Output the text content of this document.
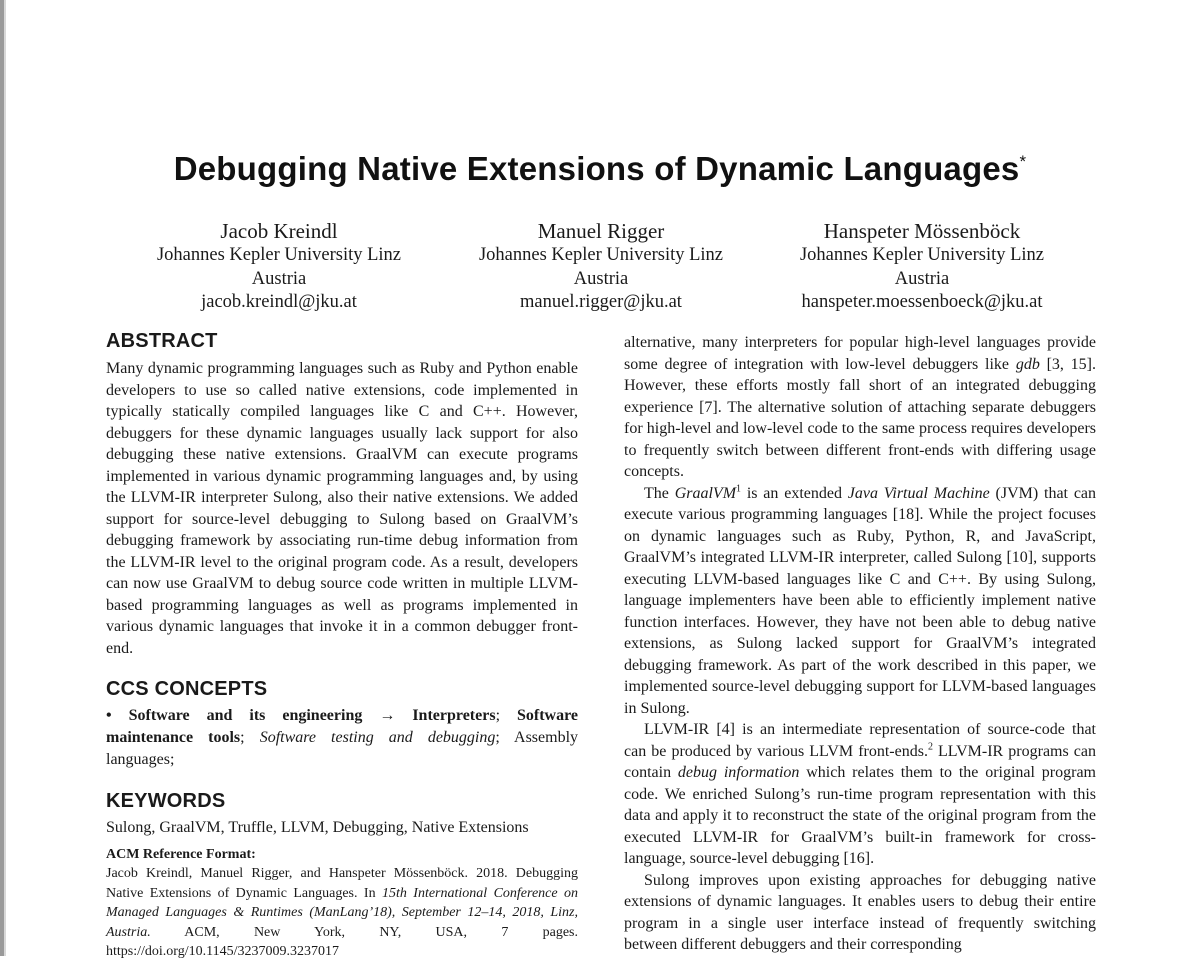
Debugging Native Extensions of Dynamic Languages*
Jacob Kreindl
Johannes Kepler University Linz
Austria
jacob.kreindl@jku.at
Manuel Rigger
Johannes Kepler University Linz
Austria
manuel.rigger@jku.at
Hanspeter Mössenböck
Johannes Kepler University Linz
Austria
hanspeter.moessenboeck@jku.at
ABSTRACT

Many dynamic programming languages such as Ruby and Python enable developers to use so called native extensions, code implemented in typically statically compiled languages like C and C++. However, debuggers for these dynamic languages usually lack support for also debugging these native extensions. GraalVM can execute programs implemented in various dynamic programming languages and, by using the LLVM-IR interpreter Sulong, also their native extensions. We added support for source-level debugging to Sulong based on GraalVM’s debugging framework by associating run-time debug information from the LLVM-IR level to the original program code. As a result, developers can now use GraalVM to debug source code written in multiple LLVM-based programming languages as well as programs implemented in various dynamic languages that invoke it in a common debugger front-end.

CCS CONCEPTS

• Software and its engineering → Interpreters; Software maintenance tools; Software testing and debugging; Assembly languages;

KEYWORDS

Sulong, GraalVM, Truffle, LLVM, Debugging, Native Extensions

ACM Reference Format:

Jacob Kreindl, Manuel Rigger, and Hanspeter Mössenböck. 2018. Debugging Native Extensions of Dynamic Languages. In 15th International Conference on Managed Languages & Runtimes (ManLang’18), September 12–14, 2018, Linz, Austria. ACM, New York, NY, USA, 7 pages. https://doi.org/10.1145/3237009.3237017

alternative, many interpreters for popular high-level languages provide some degree of integration with low-level debuggers like gdb [3, 15]. However, these efforts mostly fall short of an integrated debugging experience [7]. The alternative solution of attaching separate debuggers for high-level and low-level code to the same process requires developers to frequently switch between different front-ends with differing usage concepts.

The GraalVM$^1$ is an extended Java Virtual Machine (JVM) that can execute various programming languages [18]. While the project focuses on dynamic languages such as Ruby, Python, R, and JavaScript, GraalVM’s integrated LLVM-IR interpreter, called Sulong [10], supports executing LLVM-based languages like C and C++. By using Sulong, language implementers have been able to efficiently implement native function interfaces. However, they have not been able to debug native extensions, as Sulong lacked support for GraalVM’s integrated debugging framework. As part of the work described in this paper, we implemented source-level debugging support for LLVM-based languages in Sulong.

LLVM-IR [4] is an intermediate representation of source-code that can be produced by various LLVM front-ends.$^2$ LLVM-IR programs can contain debug information which relates them to the original program code. We enriched Sulong’s run-time program representation with this data and apply it to reconstruct the state of the original program from the executed LLVM-IR for GraalVM’s built-in framework for cross-language, source-level debugging [16].

Sulong improves upon existing approaches for debugging native extensions of dynamic languages. It enables users to debug their entire program in a single user interface instead of frequently switching between different debuggers and their corresponding
